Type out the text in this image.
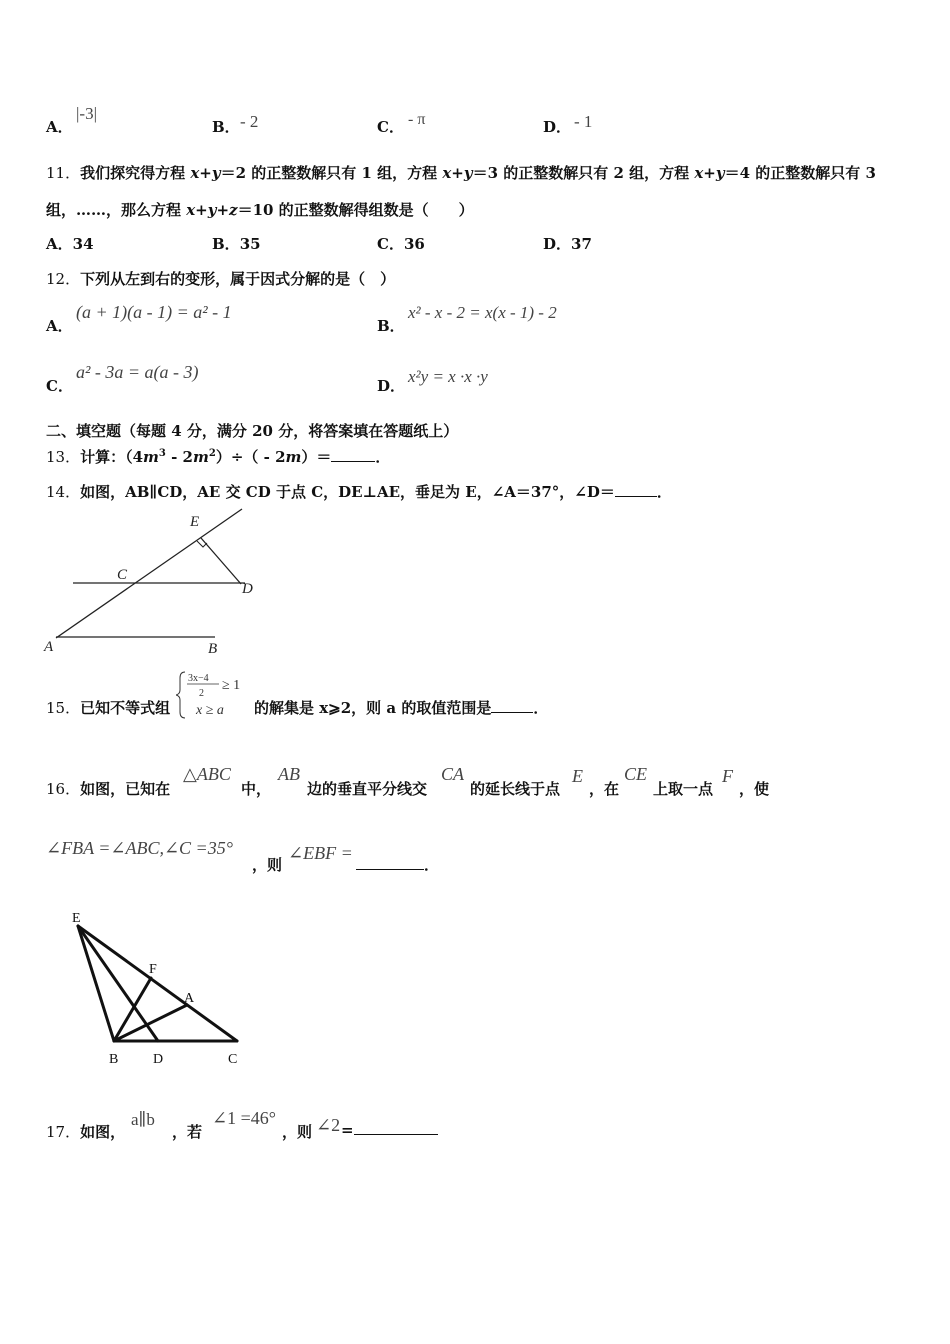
A．
|-3|
B． - 2	C． - π	D． - 1
11．我们探究得方程 x+y＝2 的正整数解只有 1 组，方程 x+y＝3 的正整数解只有 2 组，方程 x+y＝4 的正整数解只有 3
组，……，那么方程 x+y+z＝10 的正整数解得组数是（　　）
A．34	B．35	C．36	D．37
12．下列从左到右的变形，属于因式分解的是（　）
A．
(a + 1)(a - 1) = a² - 1
B．
x² - x - 2 = x(x - 1) - 2
C．
a² - 3a = a(a - 3)
D． x²y = x ·x ·y
二、填空题（每题 4 分，满分 20 分，将答案填在答题纸上）
13．计算：$(4m^3 - 2m^2)\div( - 2m)=$	．
14．如图，AB∥CD，AE 交 CD 于点 C，DE⊥AE，垂足为 E，∠A＝37°，∠D＝	．
E
C
D
A	B
15．已知不等式组
3x−4
2
≥ 1
x ≥ a 的解集是 x⩾2，则 a 的取值范围是	．
16．如图，已知在
△ABC
中，
AB
边的垂直平分线交
CA
的延长线于点
E
，在
CE
上取一点
F
，使
∠FBA =∠ABC,∠C =35°
，则
∠EBF =
．
E
F
A
B D	C
17．如图，
a∥b
，若
∠1 =46°
，则 ∠2 =
